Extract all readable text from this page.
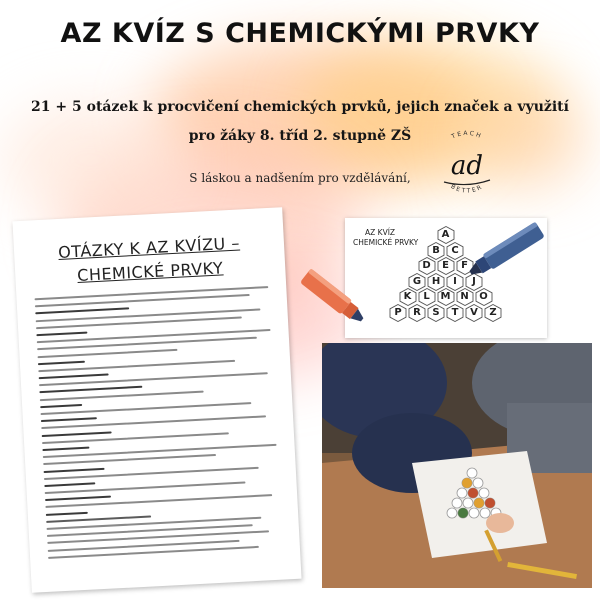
AZ KVÍZ S CHEMICKÝMI PRVKY
21 + 5 otázek k procvičení chemických prvků, jejich značek a využití
pro žáky 8. tříd 2. stupně ZŠ
S láskou a nadšením pro vzdělávání,
TEACH
ad
BETTER
OTÁZKY K AZ KVÍZU –
CHEMICKÉ PRVKY
AZ KVÍZ
CHEMICKÉ PRVKY
A
B	C
D	E	F
G	H	I	J
K	L	M N	O
P	R	S	T	V	Z
